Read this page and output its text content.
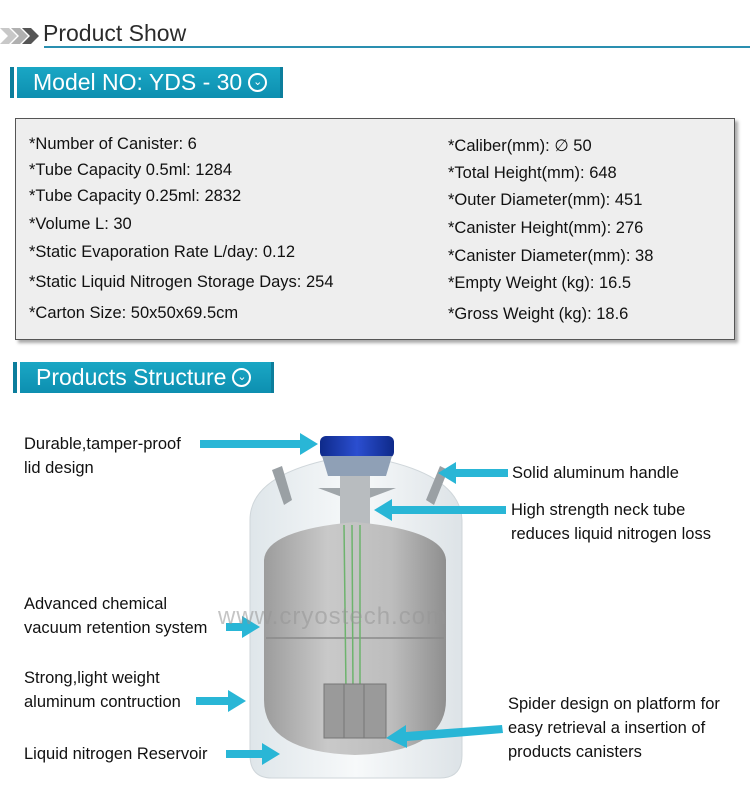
Product Show
Model NO: YDS - 30 ⌄
*Number of Canister: 6
*Tube Capacity 0.5ml: 1284
*Tube Capacity 0.25ml: 2832
*Volume L: 30
*Static Evaporation Rate L/day: 0.12
*Static Liquid Nitrogen Storage Days: 254
*Carton Size: 50x50x69.5cm
*Caliber(mm): ∅ 50
*Total Height(mm): 648
*Outer Diameter(mm): 451
*Canister Height(mm): 276
*Canister Diameter(mm): 38
*Empty Weight (kg): 16.5
*Gross Weight (kg): 18.6
Products Structure ⌄
www.cryostech.com
Durable,tamper-proof
lid design	Solid aluminum handle
High strength neck tube
reduces liquid nitrogen loss
Advanced chemical
vacuum retention system
Strong,light weight
aluminum contruction
Liquid nitrogen Reservoir
Spider design on platform for
easy retrieval a insertion of
products canisters
